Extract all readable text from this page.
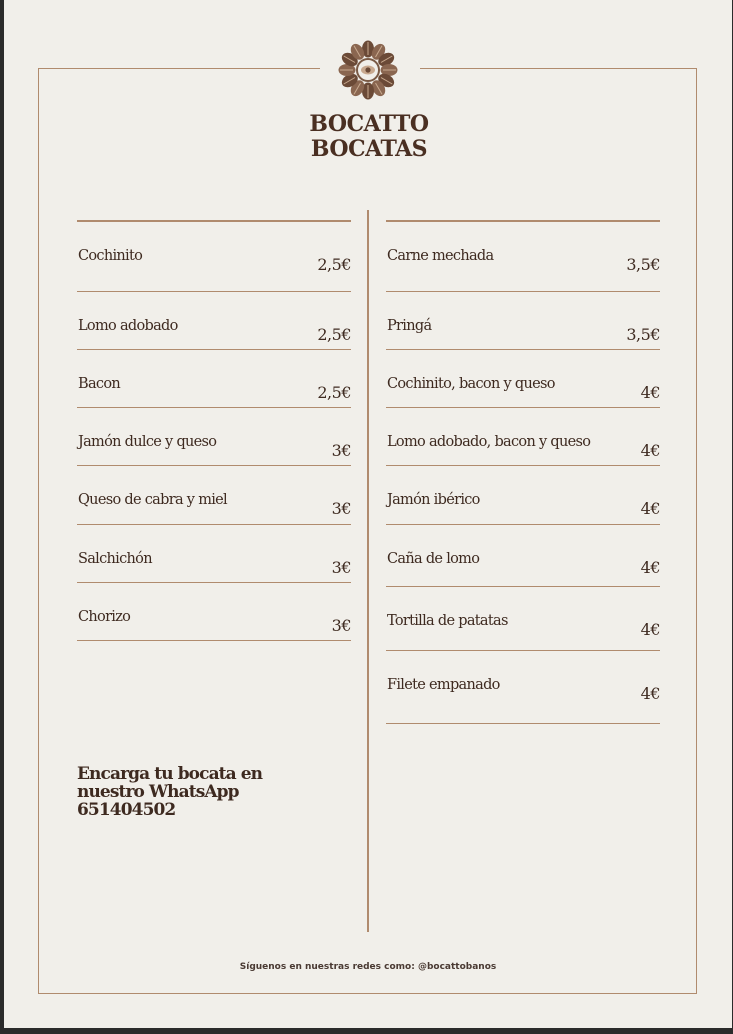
BOCATTO
BOCATAS
Cochinito	2,5€
Lomo adobado	2,5€
Bacon	2,5€
Jamón dulce y queso	3€
Queso de cabra y miel	3€
Salchichón	3€
Chorizo	3€
Carne mechada	3,5€
Pringá	3,5€
Cochinito, bacon y queso	4€
Lomo adobado, bacon y queso	4€
Jamón ibérico	4€
Caña de lomo	4€
Tortilla de patatas	4€
Filete empanado	4€
Encarga tu bocata en
nuestro WhatsApp
651404502
Síguenos en nuestras redes como: @bocattobanos
